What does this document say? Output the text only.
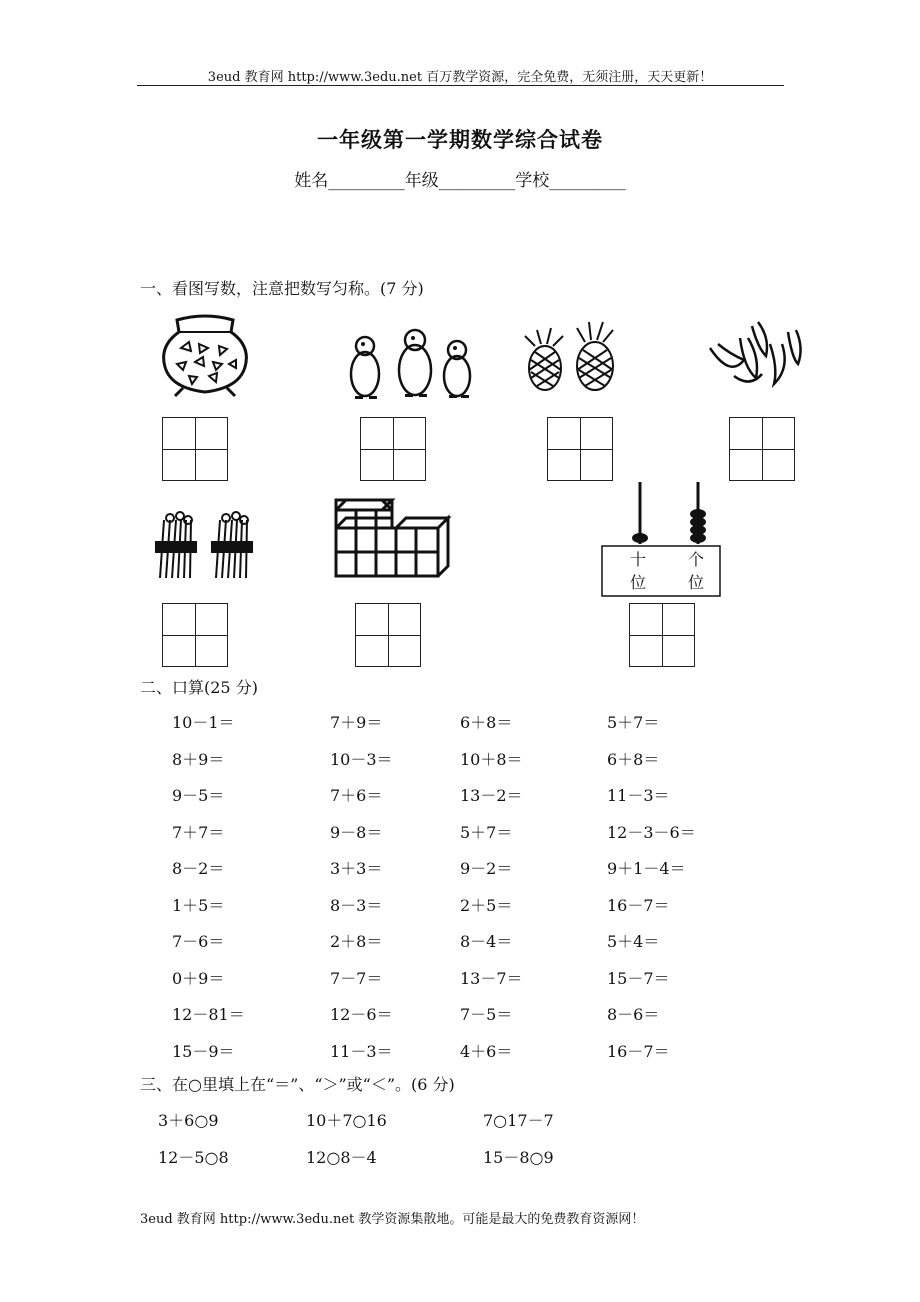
3eud 教育网 http://www.3edu.net 百万教学资源，完全免费，无须注册，天天更新！
一年级第一学期数学综合试卷
姓名_________年级_________学校_________
一、看图写数，注意把数写匀称。(7 分)
十
位
个
位
二、口算(25 分)
10－1＝	7＋9＝	6＋8＝	5＋7＝
8＋9＝	10－3＝	10＋8＝	6＋8＝
9－5＝	7＋6＝	13－2＝	11－3＝
7＋7＝	9－8＝	5＋7＝	12－3－6＝
8－2＝	3＋3＝	9－2＝	9＋1－4＝
1＋5＝	8－3＝	2＋5＝	16－7＝
7－6＝	2＋8＝	8－4＝	5＋4＝
0＋9＝	7－7＝	13－7＝	15－7＝
12－81＝	12－6＝	7－5＝	8－6＝
15－9＝	11－3＝	4＋6＝	16－7＝
三、在○里填上在“＝”、“＞”或“＜”。(6 分)
3＋6○9	10＋7○16	7○17－7
12－5○8	12○8－4	15－8○9
3eud 教育网 http://www.3edu.net 教学资源集散地。可能是最大的免费教育资源网！
